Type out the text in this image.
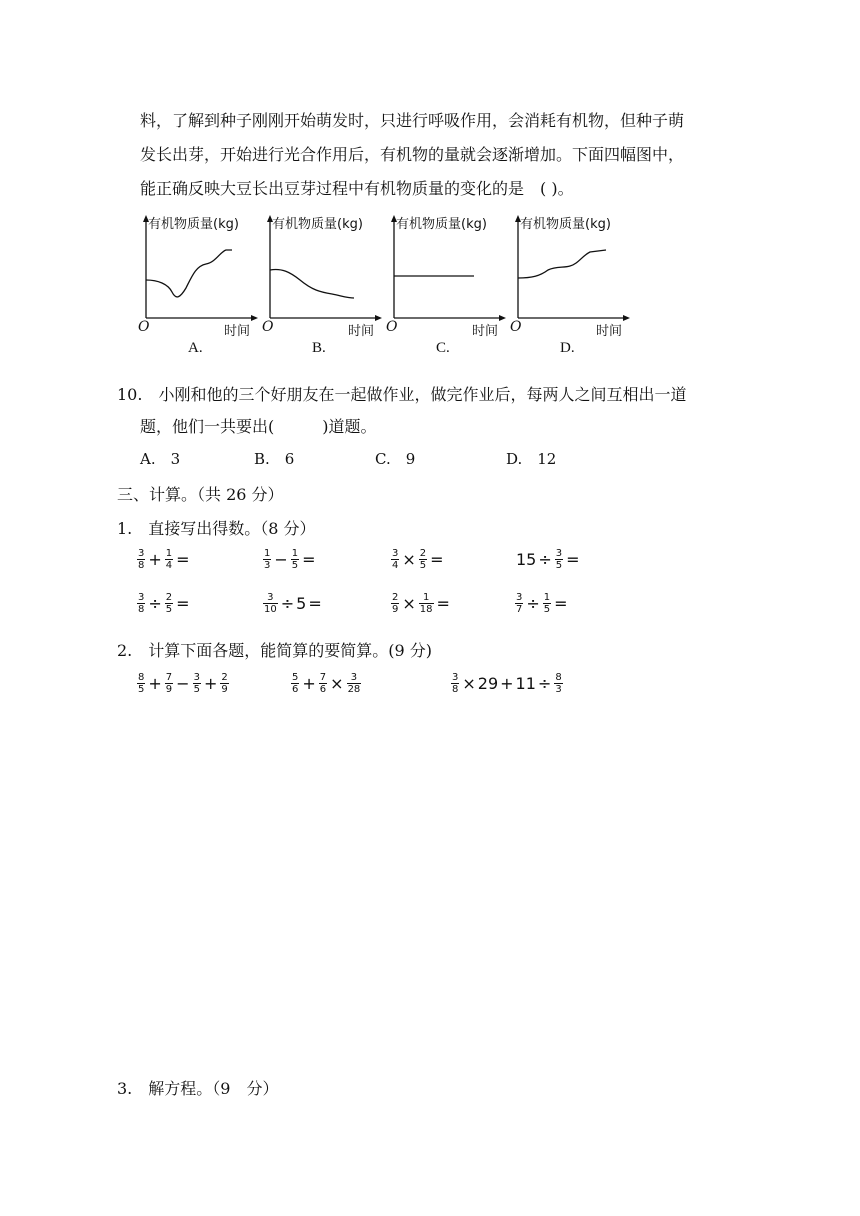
料，了解到种子刚刚开始萌发时，只进行呼吸作用，会消耗有机物，但种子萌
发长出芽，开始进行光合作用后，有机物的量就会逐渐增加。下面四幅图中，
能正确反映大豆长出豆芽过程中有机物质量的变化的是　( )。
有机物质量(kg)
O	时间
A.
有机物质量(kg)
O	时间
B.
有机物质量(kg)
O	时间
C.
有机物质量(kg)
O	时间
D.
10.　小刚和他的三个好朋友在一起做作业，做完作业后，每两人之间互相出一道
题，他们一共要出(　　　)道题。
A.　3	B.　6	C.　9	D.　12
三、计算。（共 26 分）
1.　直接写出得数。（8 分）
$\frac{3}{8} + \frac{1}{4}$ =	$\frac{1}{3} - \frac{1}{5}$ =	$\frac{3}{4} \times \frac{2}{5}$ =	$15 \div \frac{3}{5}$ =
$\frac{3}{8} \div \frac{2}{5}$ =	$\frac{3}{10} \div 5$ =	$\frac{2}{9} \times \frac{1}{18}$ =	$\frac{3}{7} \div \frac{1}{5}$ =
2.　计算下面各题，能简算的要简算。(9 分)
$\frac{8}{5} + \frac{7}{9} - \frac{3}{5} + \frac{2}{9}$	$\frac{5}{6} + \frac{7}{6} \times \frac{3}{28}$	$\frac{3}{8} \times 29 + 11 \div \frac{8}{3}$
3.　解方程。（9　分）
